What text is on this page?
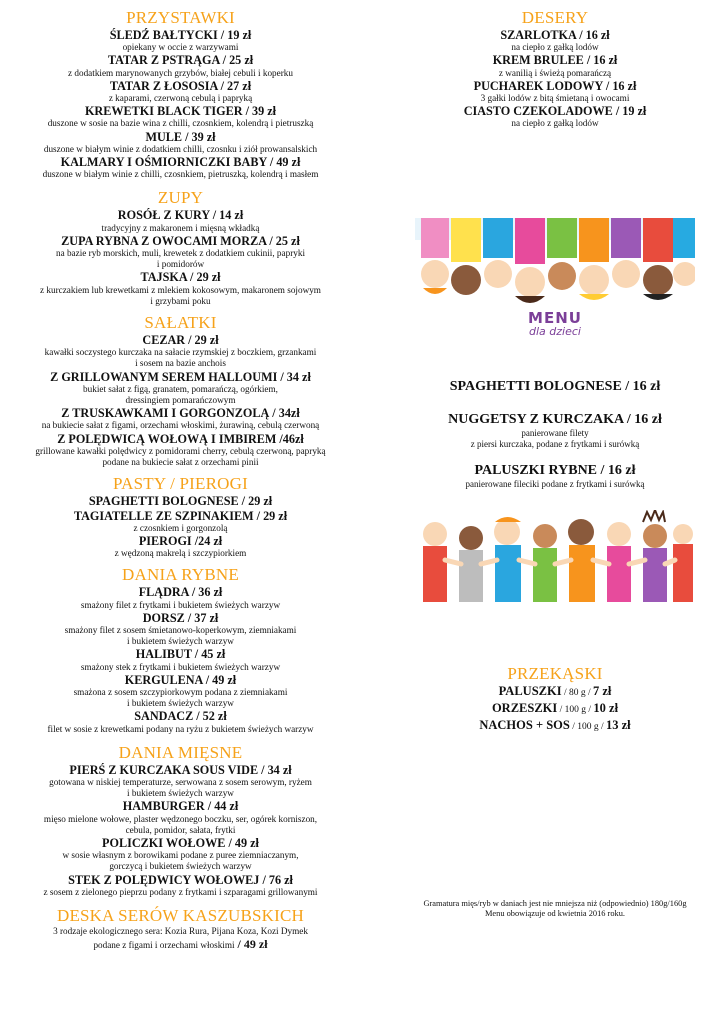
PRZYSTAWKI
ŚLEDŹ BAŁTYCKI / 19 zł
opiekany w occie z warzywami
TATAR Z PSTRĄGA / 25 zł
z dodatkiem marynowanych grzybów, białej cebuli i koperku
TATAR Z ŁOSOSIA / 27 zł
z kaparami, czerwoną cebulą i papryką
KREWETKI BLACK TIGER / 39 zł
duszone w sosie na bazie wina z chilli, czosnkiem, kolendrą i pietruszką
MULE / 39 zł
duszone w białym winie z dodatkiem chilli, czosnku i ziół prowansalskich
KALMARY I OŚMIORNICZKI BABY / 49 zł
duszone w białym winie z chilli, czosnkiem, pietruszką, kolendrą i masłem
ZUPY
ROSÓŁ Z KURY / 14 zł
tradycyjny z makaronem i mięsną wkładką
ZUPA RYBNA Z OWOCAMI MORZA / 25 zł
na bazie ryb morskich, muli, krewetek z dodatkiem cukinii, papryki
i pomidorów
TAJSKA / 29 zł
z kurczakiem lub krewetkami z mlekiem kokosowym, makaronem sojowym
i grzybami poku
SAŁATKI
CEZAR / 29 zł
kawałki soczystego kurczaka na sałacie rzymskiej z boczkiem, grzankami
i sosem na bazie anchois
Z GRILLOWANYM SEREM HALLOUMI / 34 zł
bukiet sałat z figą, granatem, pomarańczą, ogórkiem,
dressingiem pomarańczowym
Z TRUSKAWKAMI I GORGONZOLĄ / 34zł
na bukiecie sałat z figami, orzechami włoskimi, żurawiną, cebulą czerwoną
Z POLĘDWICĄ WOŁOWĄ I IMBIREM /46zł
grillowane kawałki polędwicy z pomidorami cherry, cebulą czerwoną, papryką
podane na bukiecie sałat z orzechami pinii
PASTY / PIEROGI
SPAGHETTI BOLOGNESE / 29 zł
TAGIATELLE ZE SZPINAKIEM / 29 zł
z czosnkiem i gorgonzolą
PIEROGI /24 zł
z wędzoną makrelą i szczypiorkiem
DANIA RYBNE
FLĄDRA / 36 zł
smażony filet z frytkami i bukietem świeżych warzyw
DORSZ / 37 zł
smażony filet z sosem śmietanowo-koperkowym, ziemniakami
i bukietem świeżych warzyw
HALIBUT / 45 zł
smażony stek z frytkami i bukietem świeżych warzyw
KERGULENA / 49 zł
smażona z sosem szczypiorkowym podana z ziemniakami
i bukietem świeżych warzyw
SANDACZ / 52 zł
filet w sosie z krewetkami podany na ryżu z bukietem świeżych warzyw
DANIA MIĘSNE
PIERŚ Z KURCZAKA SOUS VIDE / 34 zł
gotowana w niskiej temperaturze, serwowana z sosem serowym, ryżem
i bukietem świeżych warzyw
HAMBURGER / 44 zł
mięso mielone wołowe, plaster wędzonego boczku, ser, ogórek korniszon,
cebula, pomidor, sałata, frytki
POLICZKI WOŁOWE / 49 zł
w sosie własnym z borowikami podane z puree ziemniaczanym,
gorczycą i bukietem świeżych warzyw
STEK Z POLĘDWICY WOŁOWEJ / 76 zł
z sosem z zielonego pieprzu podany z frytkami i szparagami grillowanymi
DESKA SERÓW KASZUBSKICH
3 rodzaje ekologicznego sera: Kozia Rura, Pijana Koza, Kozi Dymek
podane z figami i orzechami włoskimi / 49 zł
DESERY
SZARLOTKA / 16 zł
na ciepło z gałką lodów
KREM BRULEE / 16 zł
z wanilią i świeżą pomarańczą
PUCHAREK LODOWY / 16 zł
3 gałki lodów z bitą śmietaną i owocami
CIASTO CZEKOLADOWE / 19 zł
na ciepło z gałką lodów
MENU
dla dzieci
SPAGHETTI BOLOGNESE / 16 zł
NUGGETSY Z KURCZAKA / 16 zł
panierowane filety
z piersi kurczaka, podane z frytkami i surówką
PALUSZKI RYBNE / 16 zł
panierowane fileciki podane z frytkami i surówką
PRZEKĄSKI
PALUSZKI / 80 g / 7 zł
ORZESZKI / 100 g / 10 zł
NACHOS + SOS / 100 g / 13 zł
Gramatura mięs/ryb w daniach jest nie mniejsza niż (odpowiednio) 180g/160g
Menu obowiązuje od kwietnia 2016 roku.
